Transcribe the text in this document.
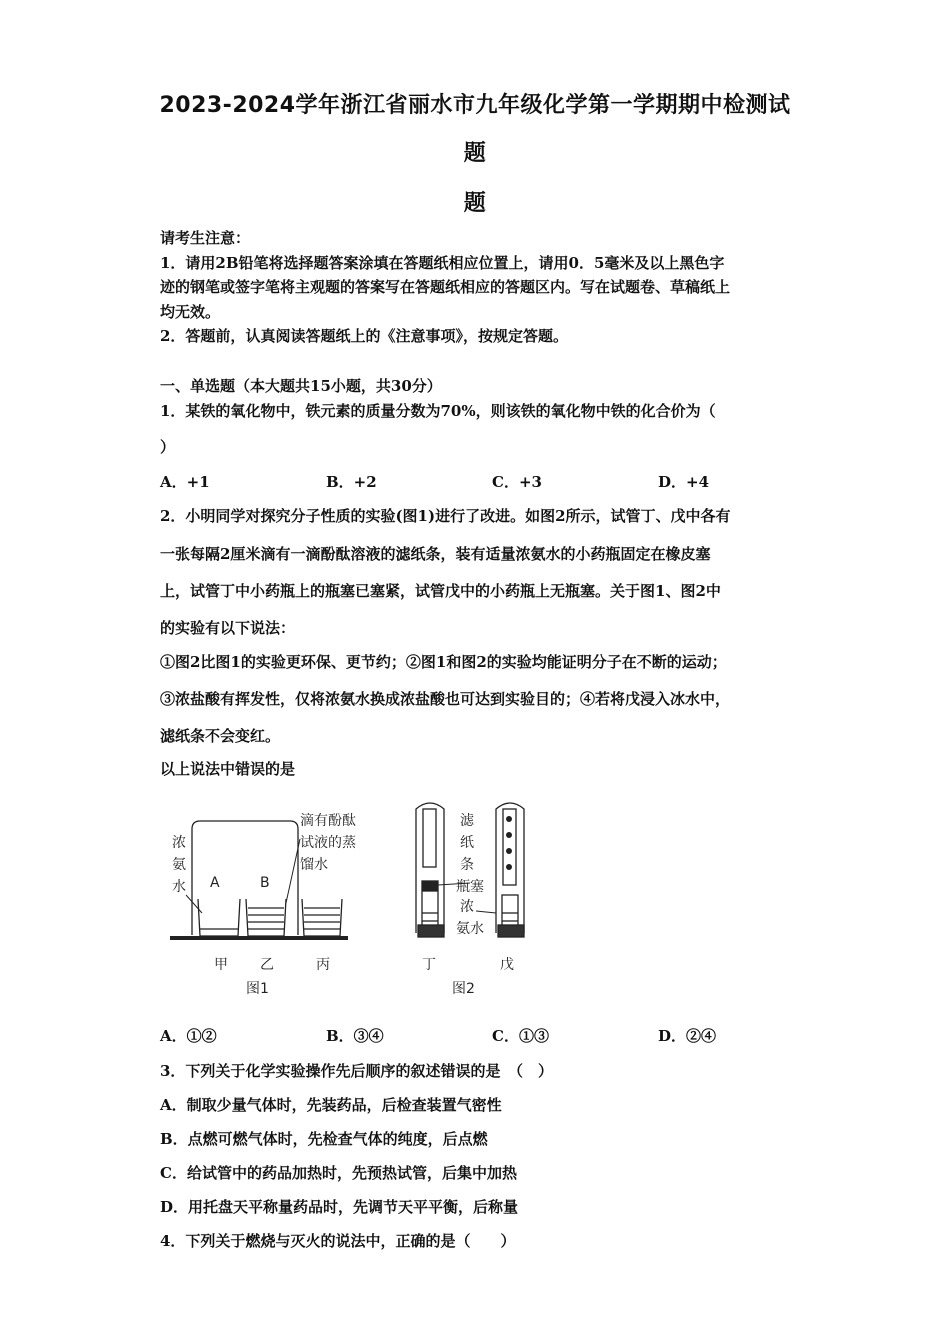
2023-2024学年浙江省丽水市九年级化学第一学期期中检测试
题
题
请考生注意：
1．请用2B铅笔将选择题答案涂填在答题纸相应位置上，请用0．5毫米及以上黑色字
迹的钢笔或签字笔将主观题的答案写在答题纸相应的答题区内。写在试题卷、草稿纸上
均无效。
2．答题前，认真阅读答题纸上的《注意事项》，按规定答题。
一、单选题（本大题共15小题，共30分）
1．某铁的氧化物中，铁元素的质量分数为70%，则该铁的氧化物中铁的化合价为（
）
A．+1	B．+2	C．+3	D．+4
2．小明同学对探究分子性质的实验(图1)进行了改进。如图2所示，试管丁、戊中各有
一张每隔2厘米滴有一滴酚酞溶液的滤纸条，装有适量浓氨水的小药瓶固定在橡皮塞
上，试管丁中小药瓶上的瓶塞已塞紧，试管戊中的小药瓶上无瓶塞。关于图1、图2中
的实验有以下说法：
①图2比图1的实验更环保、更节约；②图1和图2的实验均能证明分子在不断的运动；
③浓盐酸有挥发性，仅将浓氨水换成浓盐酸也可达到实验目的；④若将戊浸入冰水中，
滤纸条不会变红。
以上说法中错误的是
浓氨水 A	B
滴有酚酞
试液的蒸
馏水
甲 乙	丙
图1
滤
纸
条
瓶塞
浓
氨水
丁	戊
图2
A．①②	B．③④	C．①③	D．②④
3．下列关于化学实验操作先后顺序的叙述错误的是　（　）
A．制取少量气体时，先装药品，后检查装置气密性
B．点燃可燃气体时，先检查气体的纯度，后点燃
C．给试管中的药品加热时，先预热试管，后集中加热
D．用托盘天平称量药品时，先调节天平平衡，后称量
4．下列关于燃烧与灭火的说法中，正确的是（　　）
